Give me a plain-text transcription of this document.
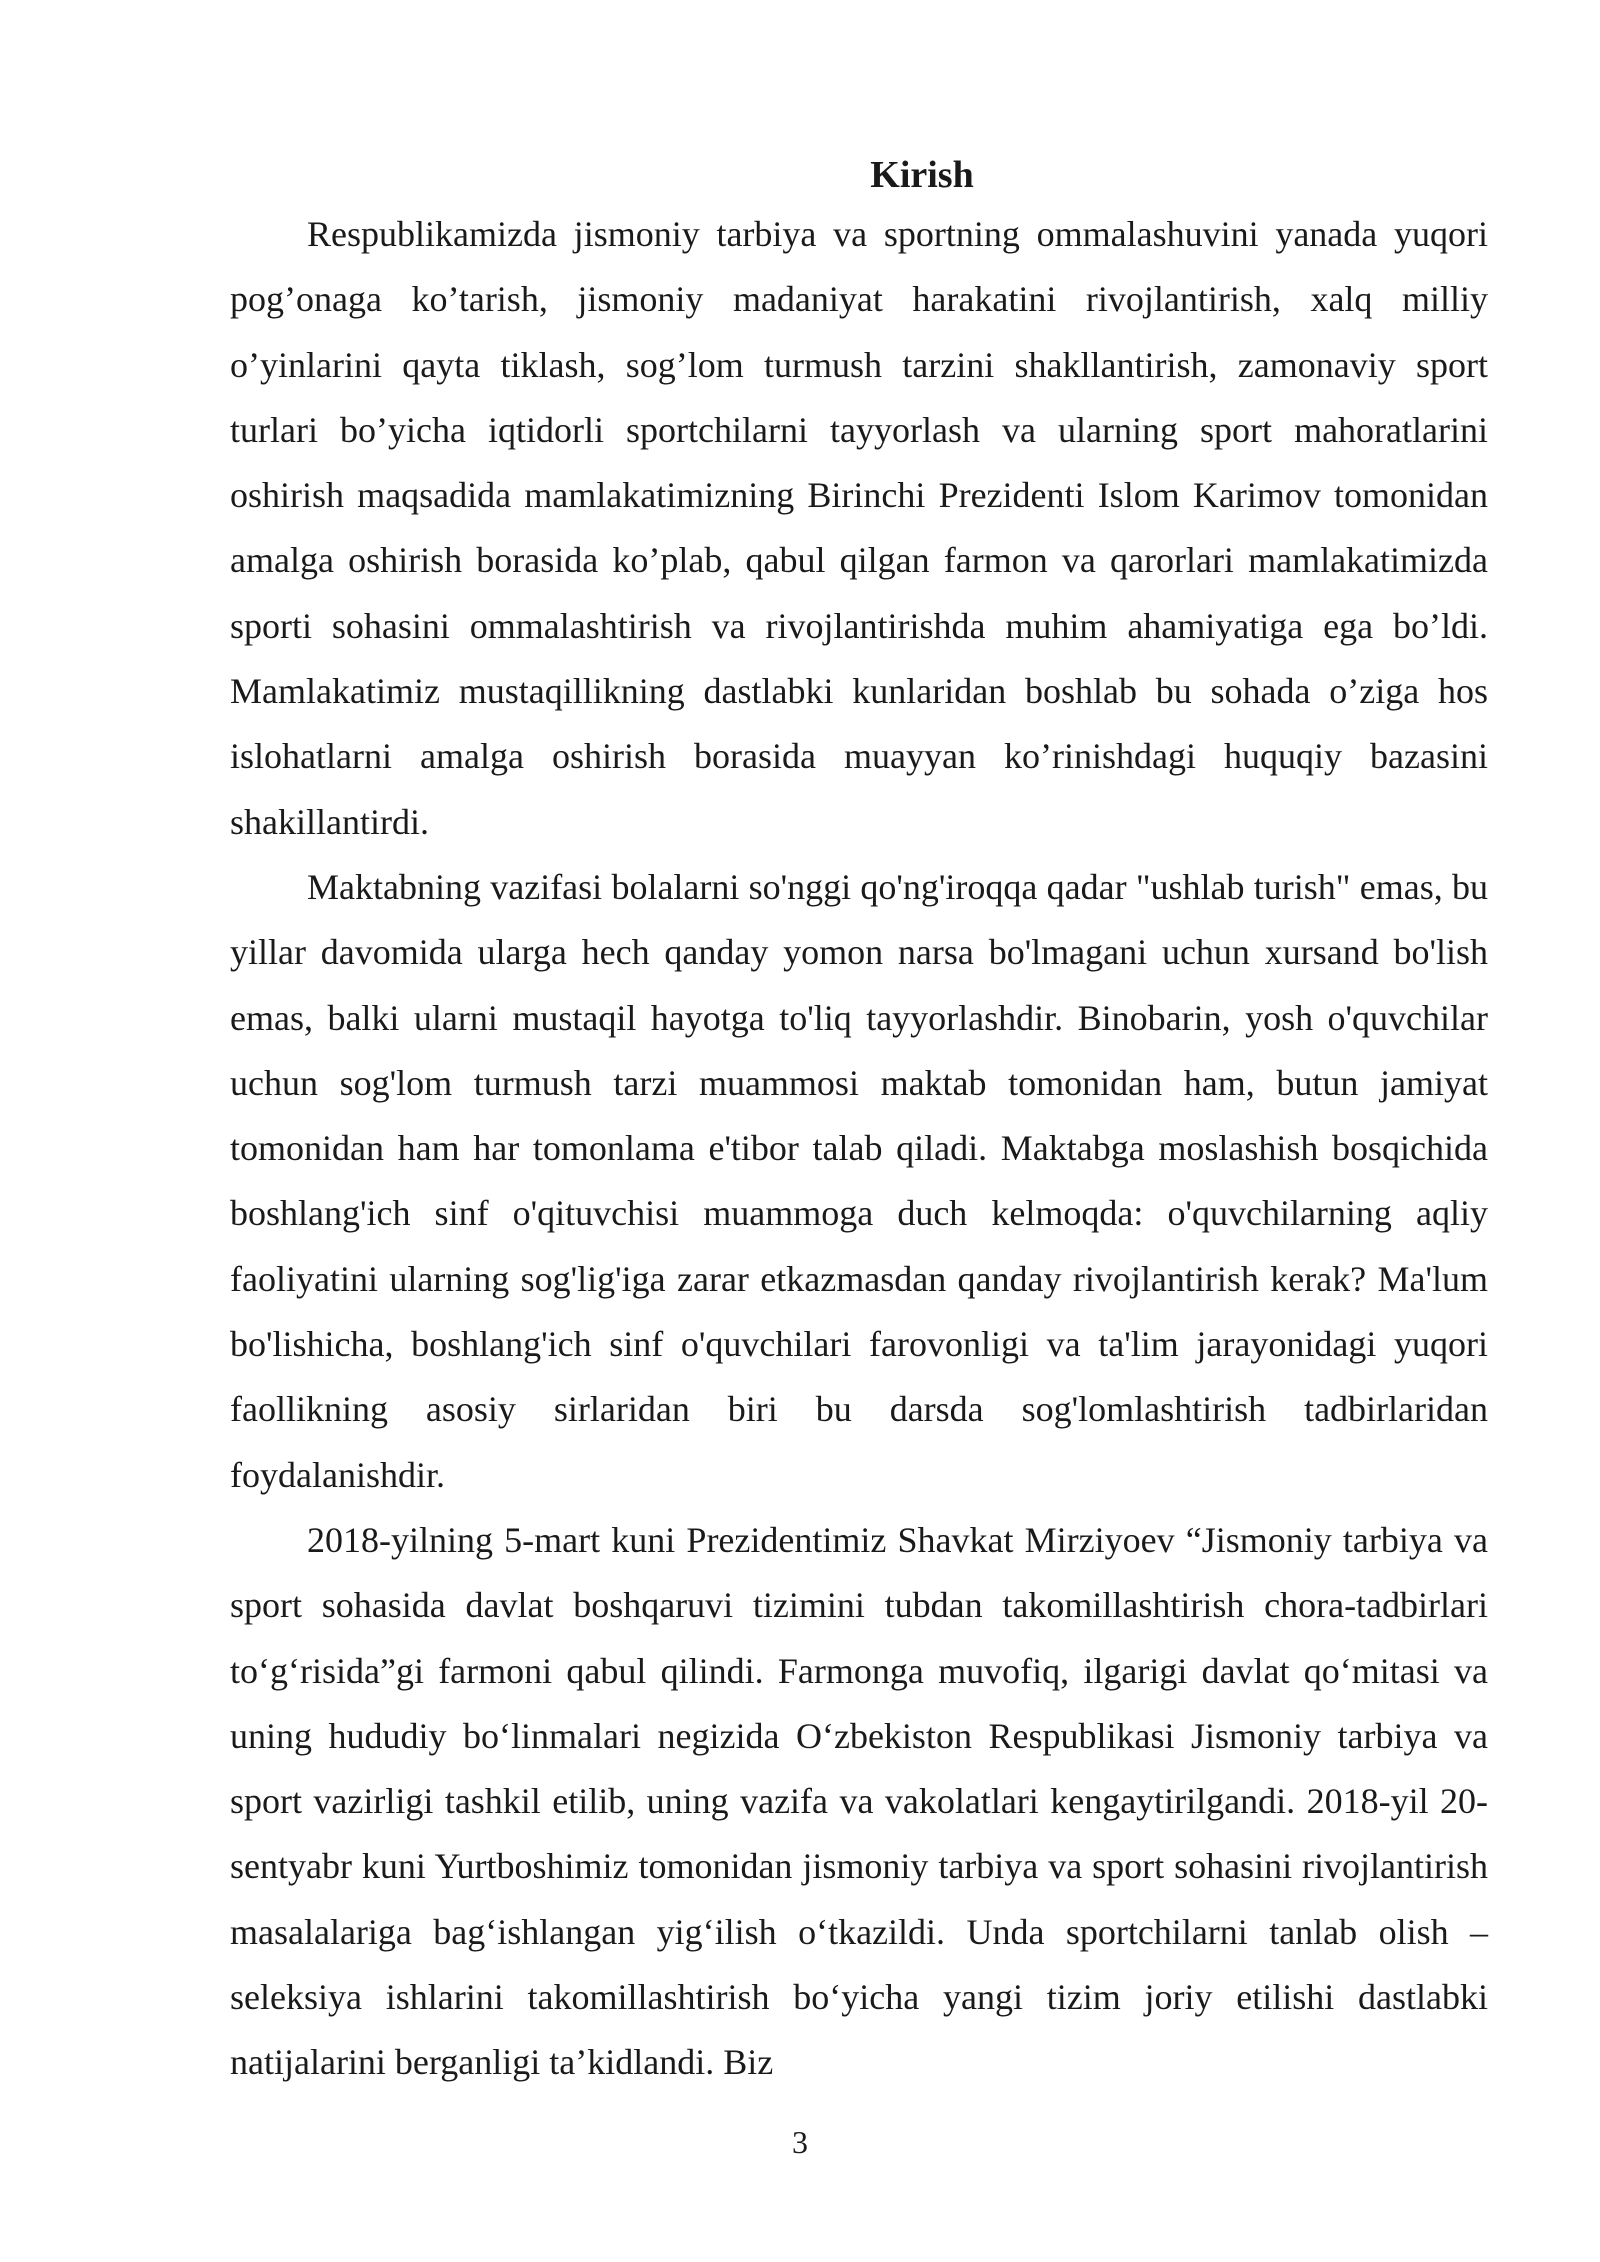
Kirish

Respublikamizda jismoniy tarbiya va sportning ommalashuvini yanada yuqori pog’onaga ko’tarish, jismoniy madaniyat harakatini rivojlantirish, xalq milliy o’yinlarini qayta tiklash, sog’lom turmush tarzini shakllantirish, zamonaviy sport turlari bo’yicha iqtidorli sportchilarni tayyorlash va ularning sport mahoratlarini oshirish maqsadida mamlakatimizning Birinchi Prezidenti Islom Karimov tomonidan amalga oshirish borasida ko’plab, qabul qilgan farmon va qarorlari mamlakatimizda sporti sohasini ommalashtirish va rivojlantirishda muhim ahamiyatiga ega bo’ldi. Mamlakatimiz mustaqillikning dastlabki kunlaridan boshlab bu sohada o’ziga hos islohatlarni amalga oshirish borasida muayyan ko’rinishdagi huquqiy bazasini shakillantirdi.

Maktabning vazifasi bolalarni so'nggi qo'ng'iroqqa qadar "ushlab turish" emas, bu yillar davomida ularga hech qanday yomon narsa bo'lmagani uchun xursand bo'lish emas, balki ularni mustaqil hayotga to'liq tayyorlashdir. Binobarin, yosh o'quvchilar uchun sog'lom turmush tarzi muammosi maktab tomonidan ham, butun jamiyat tomonidan ham har tomonlama e'tibor talab qiladi. Maktabga moslashish bosqichida boshlang'ich sinf o'qituvchisi muammoga duch kelmoqda: o'quvchilarning aqliy faoliyatini ularning sog'lig'iga zarar etkazmasdan qanday rivojlantirish kerak? Ma'lum bo'lishicha, boshlang'ich sinf o'quvchilari farovonligi va ta'lim jarayonidagi yuqori faollikning asosiy sirlaridan biri bu darsda sog'lomlashtirish tadbirlaridan foydalanishdir.

2018-yilning 5-mart kuni Prezidentimiz Shavkat Mirziyoev “Jismoniy tarbiya va sport sohasida davlat boshqaruvi tizimini tubdan takomillashtirish chora-tadbirlari to‘g‘risida”gi farmoni qabul qilindi. Farmonga muvofiq, ilgarigi davlat qo‘mitasi va uning hududiy bo‘linmalari negizida O‘zbekiston Respublikasi Jismoniy tarbiya va sport vazirligi tashkil etilib, uning vazifa va vakolatlari kengaytirilgandi. 2018-yil 20- sentyabr kuni Yurtboshimiz tomonidan jismoniy tarbiya va sport sohasini rivojlantirish masalalariga bag‘ishlangan yig‘ilish o‘tkazildi. Unda sportchilarni tanlab olish – seleksiya ishlarini takomillashtirish bo‘yicha yangi tizim joriy etilishi dastlabki natijalarini berganligi ta’kidlandi. Biz

3
